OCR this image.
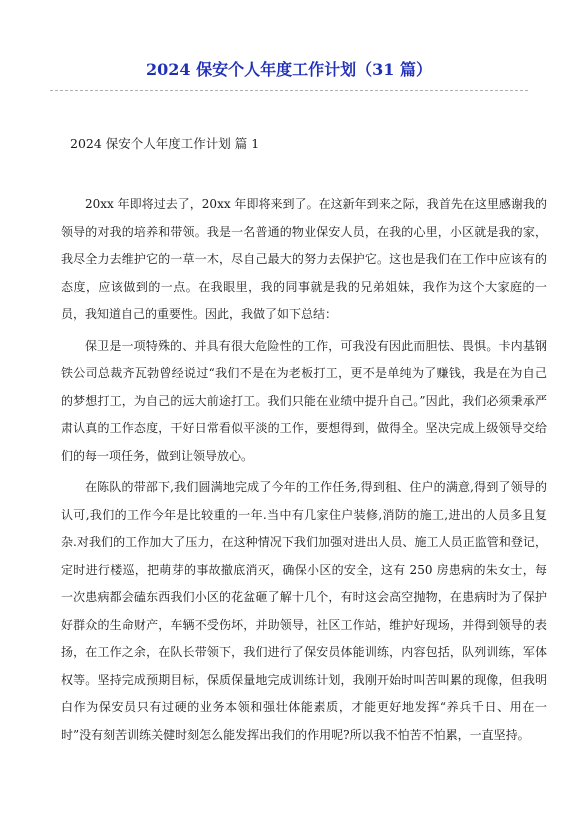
2024 保安个人年度工作计划（31 篇）

2024 保安个人年度工作计划 篇 1

20xx 年即将过去了，20xx 年即将来到了。在这新年到来之际，我首先在这里感谢我的领导的对我的培养和带领。我是一名普通的物业保安人员，在我的心里，小区就是我的家，我尽全力去维护它的一草一木，尽自己最大的努力去保护它。这也是我们在工作中应该有的态度，应该做到的一点。在我眼里，我的同事就是我的兄弟姐妹，我作为这个大家庭的一员，我知道自己的重要性。因此，我做了如下总结：

保卫是一项特殊的、并具有很大危险性的工作，可我没有因此而胆怯、畏惧。卡内基钢铁公司总裁齐瓦勃曾经说过“我们不是在为老板打工，更不是单纯为了赚钱，我是在为自己的梦想打工，为自己的远大前途打工。我们只能在业绩中提升自己。”因此，我们必须秉承严肃认真的工作态度，干好日常看似平淡的工作，要想得到，做得全。坚决完成上级领导交给们的每一项任务，做到让领导放心。

在陈队的带部下,我们圆满地完成了今年的工作任务,得到租、住户的满意,得到了领导的认可,我们的工作今年是比较重的一年.当中有几家住户装修,消防的施工,进出的人员多且复杂.对我们的工作加大了压力，在这种情况下我们加强对进出人员、施工人员正监管和登记，定时进行楼巡，把萌芽的事故撤底消灭，确保小区的安全，这有 250 房患病的朱女士，每一次患病都会磕东西我们小区的花盆砸了解十几个，有时这会高空抛物，在患病时为了保护好群众的生命财产，车辆不受伤坏，并助领导，社区工作站，维护好现场，并得到领导的表扬，在工作之余，在队长带领下，我们进行了保安员体能训练，内容包括，队列训练，军体权等。坚持完成预期目标，保质保量地完成训练计划，我刚开始时叫苦叫累的现像，但我明白作为保安员只有过硬的业务本领和强壮体能素质，才能更好地发挥“养兵千日、用在一时”没有刻苦训练关健时刻怎么能发挥出我们的作用呢?所以我不怕苦不怕累，一直坚持。
